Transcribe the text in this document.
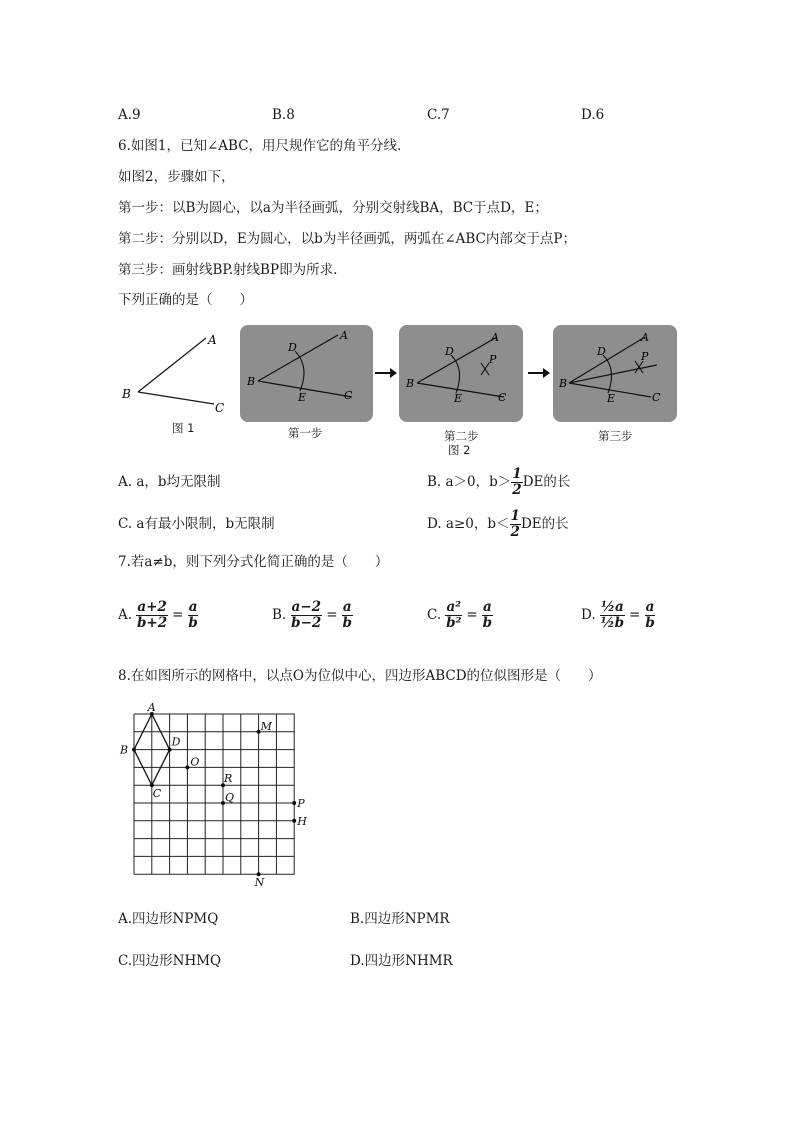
A.9	B.8	C.7	D.6
6.如图1，已知∠ABC，用尺规作它的角平分线.
如图2，步骤如下，
第一步：以B为圆心，以a为半径画弧，分别交射线BA，BC于点D，E；
第二步：分别以D，E为圆心，以b为半径画弧，两弧在∠ABC内部交于点P；
第三步：画射线BP.射线BP即为所求.
下列正确的是（　　）
A
B
C
图 1
A
B
C
D
E
第一步
A
B
C
D
E
P
第二步
图 2
A
B
C
D
E
P
第三步
A. a，b均无限制	B. a＞0，$b> \frac{1}{2}$ DE的长
C. a有最小限制，b无限制	D. a≥0，$b< \frac{1}{2}$ DE的长
7.若a≠b，则下列分式化简正确的是（　　）
A. $\frac{a+2}{b+2} = \frac{a}{b}$	B. $\frac{a-2}{b-2} = \frac{a}{b}$	C. $\frac{\text{a²}}{\text{b²}} = \frac{a}{b}$	D. $\frac{\text{½a}}{\text{½b}} = \frac{a}{b}$
8.在如图所示的网格中，以点O为位似中心，四边形ABCD的位似图形是（　　）
A
B
C
D
O
M
R
Q	P
H
N
A.四边形NPMQ	B.四边形NPMR
C.四边形NHMQ	D.四边形NHMR
